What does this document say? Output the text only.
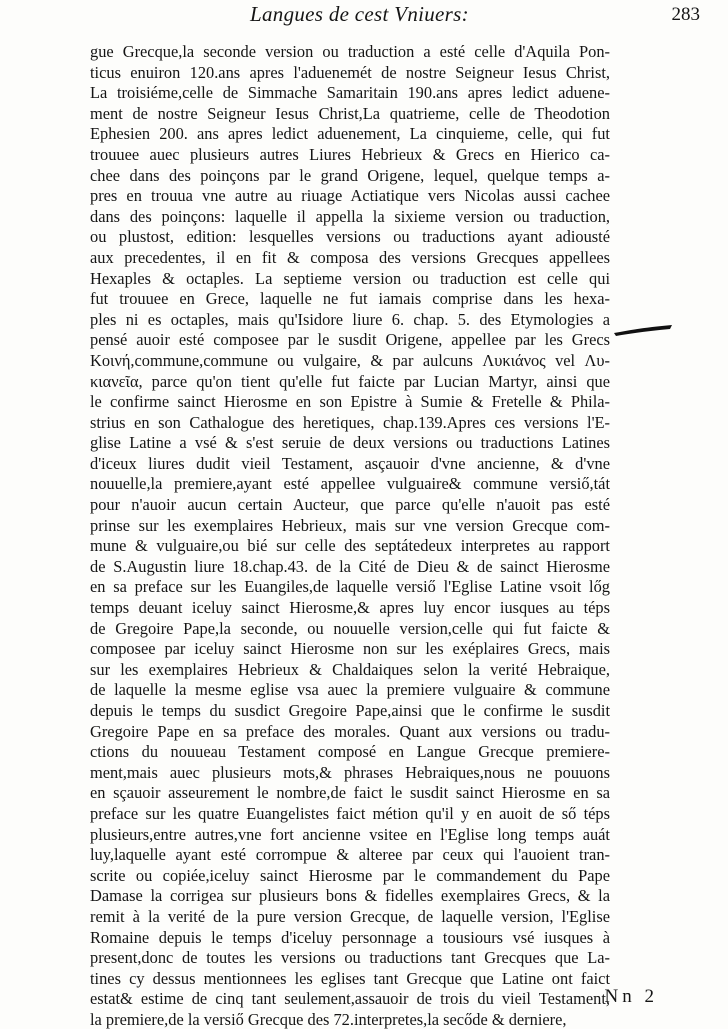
Langues de cest Vniuers:	283
gue Grecque,la seconde version ou traduction a esté celle d'Aquila Pon-
ticus enuiron 120.ans apres l'aduenemét de nostre Seigneur Iesus Christ,
La troisiéme,celle de Simmache Samaritain 190.ans apres ledict aduene-
ment de nostre Seigneur Iesus Christ,La quatrieme, celle de Theodotion
Ephesien 200. ans apres ledict aduenement, La cinquieme, celle, qui fut
trouuee auec plusieurs autres Liures Hebrieux & Grecs en Hierico ca-
chee dans des poinçons par le grand Origene, lequel, quelque temps a-
pres en trouua vne autre au riuage Actiatique vers Nicolas aussi cachee
dans des poinçons: laquelle il appella la sixieme version ou traduction,
ou plustost, edition: lesquelles versions ou traductions ayant adiousté
aux precedentes, il en fit & composa des versions Grecques appellees
Hexaples & octaples. La septieme version ou traduction est celle qui
fut trouuee en Grece, laquelle ne fut iamais comprise dans les hexa-
ples ni es octaples, mais qu'Isidore liure 6. chap. 5. des Etymologies a
pensé auoir esté composee par le susdit Origene, appellee par les Grecs
Κοινή,commune,commune ou vulgaire, & par aulcuns Λυκιάνος vel Λυ-
κιανεῖα, parce qu'on tient qu'elle fut faicte par Lucian Martyr, ainsi que
le confirme sainct Hierosme en son Epistre à Sumie & Fretelle & Phila-
strius en son Cathalogue des heretiques, chap.139.Apres ces versions l'E-
glise Latine a vsé & s'est seruie de deux versions ou traductions Latines
d'iceux liures dudit vieil Testament, asçauoir d'vne ancienne, & d'vne
nouuelle,la premiere,ayant esté appellee vulguaire& commune versiő,tát
pour n'auoir aucun certain Aucteur, que parce qu'elle n'auoit pas esté
prinse sur les exemplaires Hebrieux, mais sur vne version Grecque com-
mune & vulguaire,ou bié sur celle des septátedeux interpretes au rapport
de S.Augustin liure 18.chap.43. de la Cité de Dieu & de sainct Hierosme
en sa preface sur les Euangiles,de laquelle versiő l'Eglise Latine vsoit lőg
temps deuant iceluy sainct Hierosme,& apres luy encor iusques au téps
de Gregoire Pape,la seconde, ou nouuelle version,celle qui fut faicte &
composee par iceluy sainct Hierosme non sur les exéplaires Grecs, mais
sur les exemplaires Hebrieux & Chaldaiques selon la verité Hebraique,
de laquelle la mesme eglise vsa auec la premiere vulguaire & commune
depuis le temps du susdict Gregoire Pape,ainsi que le confirme le susdit
Gregoire Pape en sa preface des morales. Quant aux versions ou tradu-
ctions du nouueau Testament composé en Langue Grecque premiere-
ment,mais auec plusieurs mots,& phrases Hebraiques,nous ne pouuons
en sçauoir asseurement le nombre,de faict le susdit sainct Hierosme en sa
preface sur les quatre Euangelistes faict métion qu'il y en auoit de ső téps
plusieurs,entre autres,vne fort ancienne vsitee en l'Eglise long temps auát
luy,laquelle ayant esté corrompue & alteree par ceux qui l'auoient tran-
scrite ou copiée,iceluy sainct Hierosme par le commandement du Pape
Damase la corrigea sur plusieurs bons & fidelles exemplaires Grecs, & la
remit à la verité de la pure version Grecque, de laquelle version, l'Eglise
Romaine depuis le temps d'iceluy personnage a tousiours vsé iusques à
present,donc de toutes les versions ou traductions tant Grecques que La-
tines cy dessus mentionnees les eglises tant Grecque que Latine ont faict
estat& estime de cinq tant seulement,assauoir de trois du vieil Testament,
la premiere,de la versiő Grecque des 72.interpretes,la secőde & derniere,
Nn 2
